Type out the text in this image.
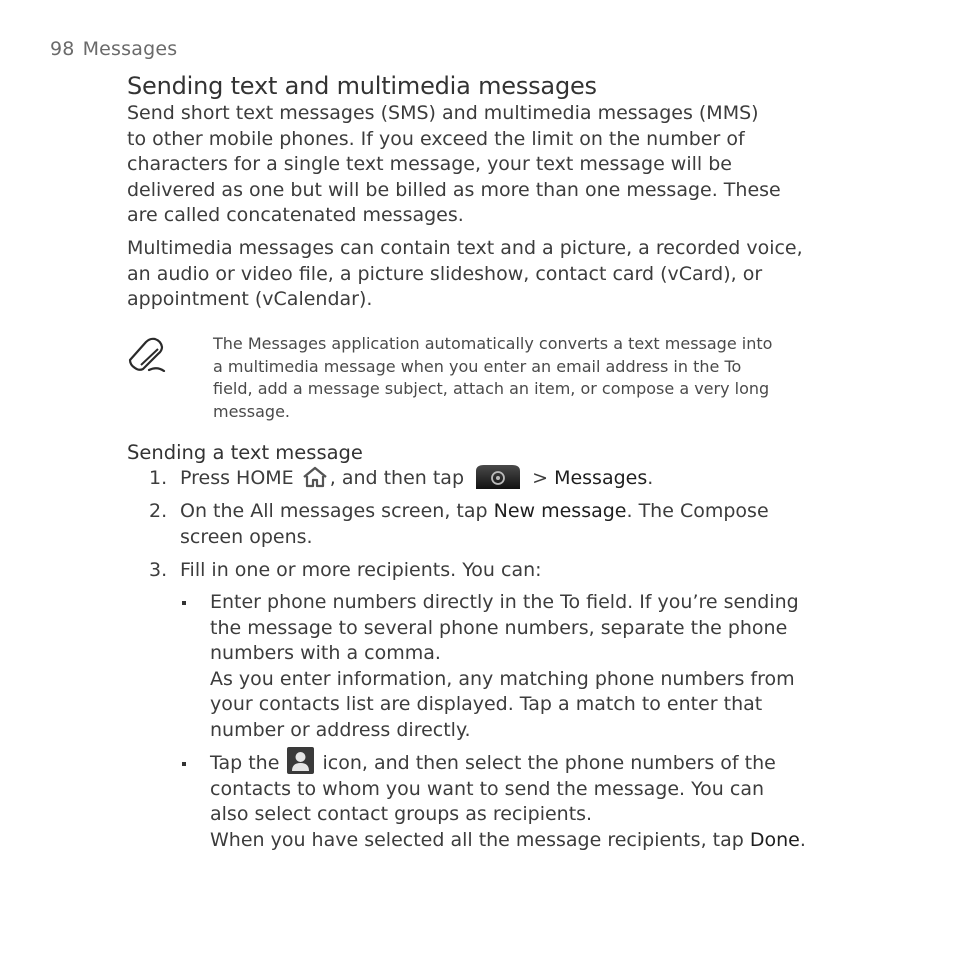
98 Messages
Sending text and multimedia messages
Send short text messages (SMS) and multimedia messages (MMS)
to other mobile phones. If you exceed the limit on the number of
characters for a single text message, your text message will be
delivered as one but will be billed as more than one message. These
are called concatenated messages.
Multimedia messages can contain text and a picture, a recorded voice,
an audio or video file, a picture slideshow, contact card (vCard), or
appointment (vCalendar).
The Messages application automatically converts a text message into
a multimedia message when you enter an email address in the To
field, add a message subject, attach an item, or compose a very long
message.
Sending a text message
1. Press HOME , and then tap	> Messages.
2. On the All messages screen, tap New message. The Compose
screen opens.
3. Fill in one or more recipients. You can:
Enter phone numbers directly in the To field. If you’re sending
the message to several phone numbers, separate the phone
numbers with a comma.
As you enter information, any matching phone numbers from
your contacts list are displayed. Tap a match to enter that
number or address directly.
Tap the  icon, and then select the phone numbers of the
contacts to whom you want to send the message. You can
also select contact groups as recipients.
When you have selected all the message recipients, tap Done.
